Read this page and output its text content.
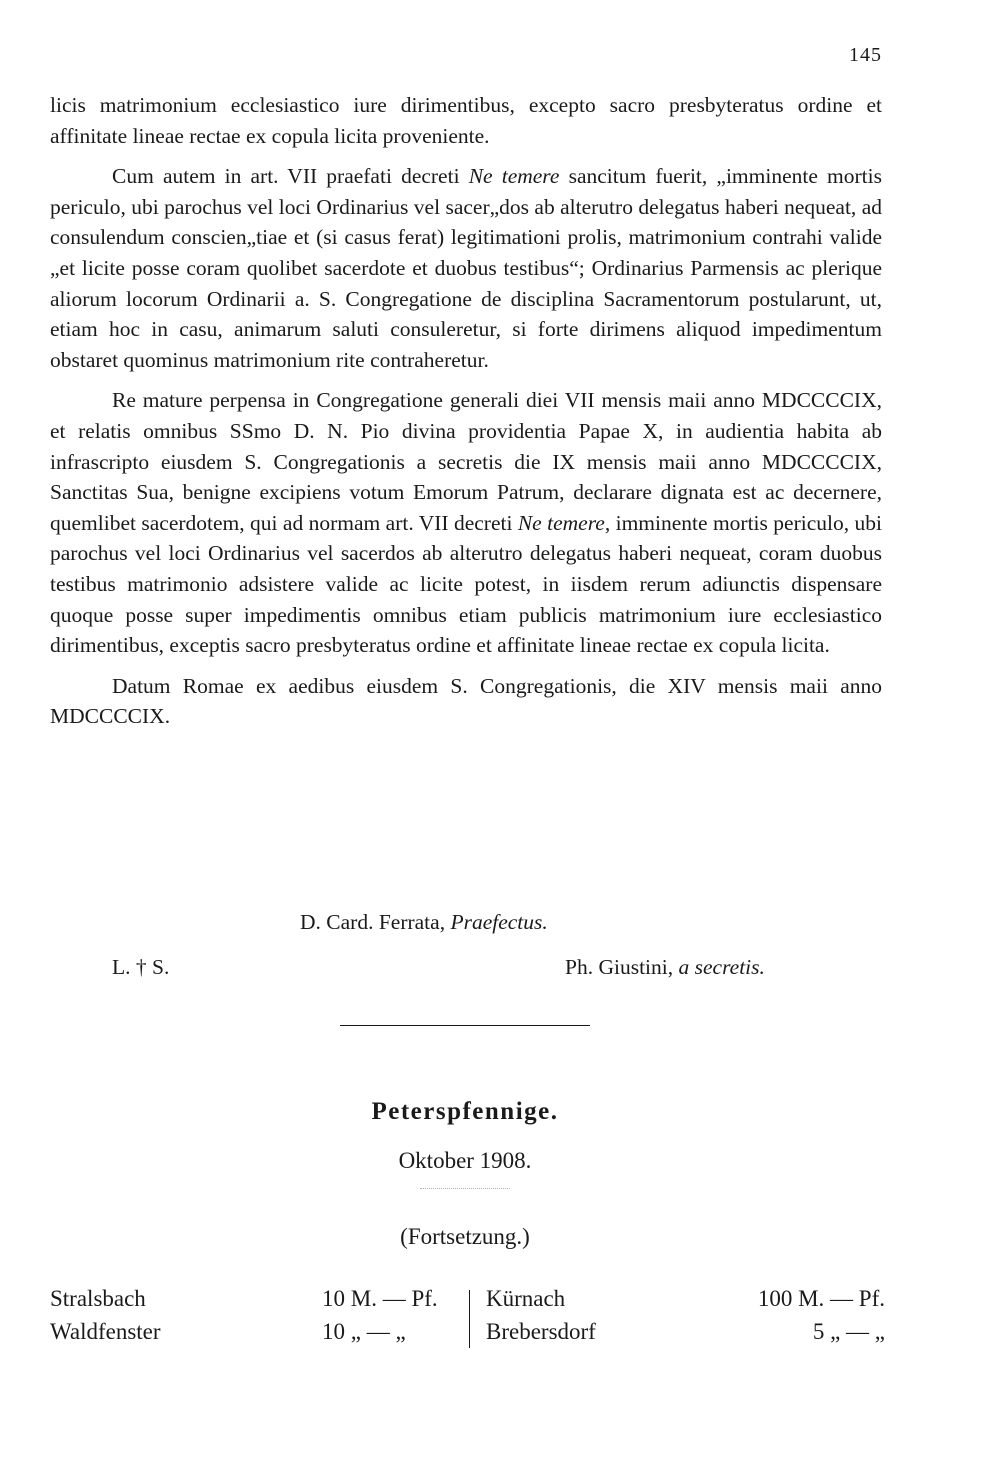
145

licis matrimonium ecclesiastico iure dirimentibus, excepto sacro presbyteratus ordine et affinitate lineae rectae ex copula licita proveniente.

Cum autem in art. VII praefati decreti Ne temere sancitum fuerit, „imminente mortis periculo, ubi parochus vel loci Ordinarius vel sacer„dos ab alterutro delegatus haberi nequeat, ad consulendum conscien„tiae et (si casus ferat) legitimationi prolis, matrimonium contrahi valide „et licite posse coram quolibet sacerdote et duobus testibus“; Ordinarius Parmensis ac plerique aliorum locorum Ordinarii a. S. Congregatione de disciplina Sacramentorum postularunt, ut, etiam hoc in casu, animarum saluti consuleretur, si forte dirimens aliquod impedimentum obstaret quominus matrimonium rite contraheretur.

Re mature perpensa in Congregatione generali diei VII mensis maii anno MDCCCCIX, et relatis omnibus SSmo D. N. Pio divina providentia Papae X, in audientia habita ab infrascripto eiusdem S. Congregationis a secretis die IX mensis maii anno MDCCCCIX, Sanctitas Sua, benigne excipiens votum Emorum Patrum, declarare dignata est ac decernere, quemlibet sacerdotem, qui ad normam art. VII decreti Ne temere, imminente mortis periculo, ubi parochus vel loci Ordinarius vel sacerdos ab alterutro delegatus haberi nequeat, coram duobus testibus matrimonio adsistere valide ac licite potest, in iisdem rerum adiunctis dispensare quoque posse super impedimentis omnibus etiam publicis matrimonium iure ecclesiastico dirimentibus, exceptis sacro presbyteratus ordine et affinitate lineae rectae ex copula licita.

Datum Romae ex aedibus eiusdem S. Congregationis, die XIV mensis maii anno MDCCCCIX.

D. Card. Ferrata, Praefectus.
L. † S.	Ph. Giustini, a secretis.
Peterspfennige.
Oktober 1908.
(Fortsetzung.)
Stralsbach	10 M. — Pf. Kürnach	100 M. — Pf.
Waldfenster	10 „ — „	Brebersdorf	5 „ — „
